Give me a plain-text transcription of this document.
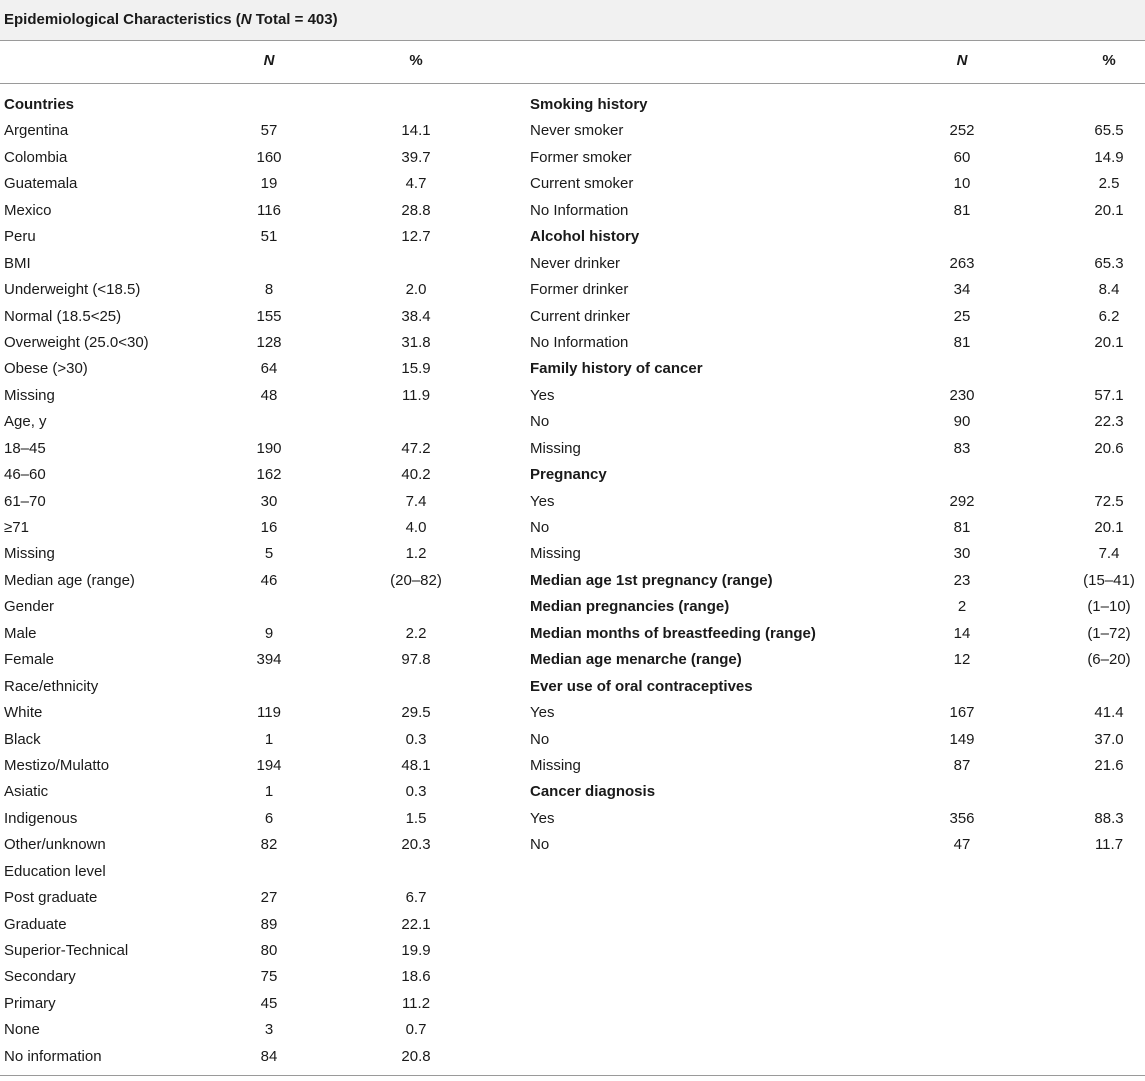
Epidemiological Characteristics (N Total = 403)
N	%	N	%
Countries
Argentina	57	14.1
Colombia	160	39.7
Guatemala	19	4.7
Mexico	116	28.8
Peru	51	12.7
BMI
Underweight (<18.5)	8	2.0
Normal (18.5<25)	155	38.4
Overweight (25.0<30)	128	31.8
Obese (>30)	64	15.9
Missing	48	11.9
Age, y
18–45	190	47.2
46–60	162	40.2
61–70	30	7.4
≥71	16	4.0
Missing	5	1.2
Median age (range)	46	(20–82)
Gender
Male	9	2.2
Female	394	97.8
Race/ethnicity
White	119	29.5
Black	1	0.3
Mestizo/Mulatto	194	48.1
Asiatic	1	0.3
Indigenous	6	1.5
Other/unknown	82	20.3
Education level
Post graduate	27	6.7
Graduate	89	22.1
Superior-Technical	80	19.9
Secondary	75	18.6
Primary	45	11.2
None	3	0.7
No information	84	20.8
Smoking history
Never smoker	252	65.5
Former smoker	60	14.9
Current smoker	10	2.5
No Information	81	20.1
Alcohol history
Never drinker	263	65.3
Former drinker	34	8.4
Current drinker	25	6.2
No Information	81	20.1
Family history of cancer
Yes	230	57.1
No	90	22.3
Missing	83	20.6
Pregnancy
Yes	292	72.5
No	81	20.1
Missing	30	7.4
Median age 1st pregnancy (range)	23	(15–41)
Median pregnancies (range)	2	(1–10)
Median months of breastfeeding (range)	14	(1–72)
Median age menarche (range)	12	(6–20)
Ever use of oral contraceptives
Yes	167	41.4
No	149	37.0
Missing	87	21.6
Cancer diagnosis
Yes	356	88.3
No	47	11.7
